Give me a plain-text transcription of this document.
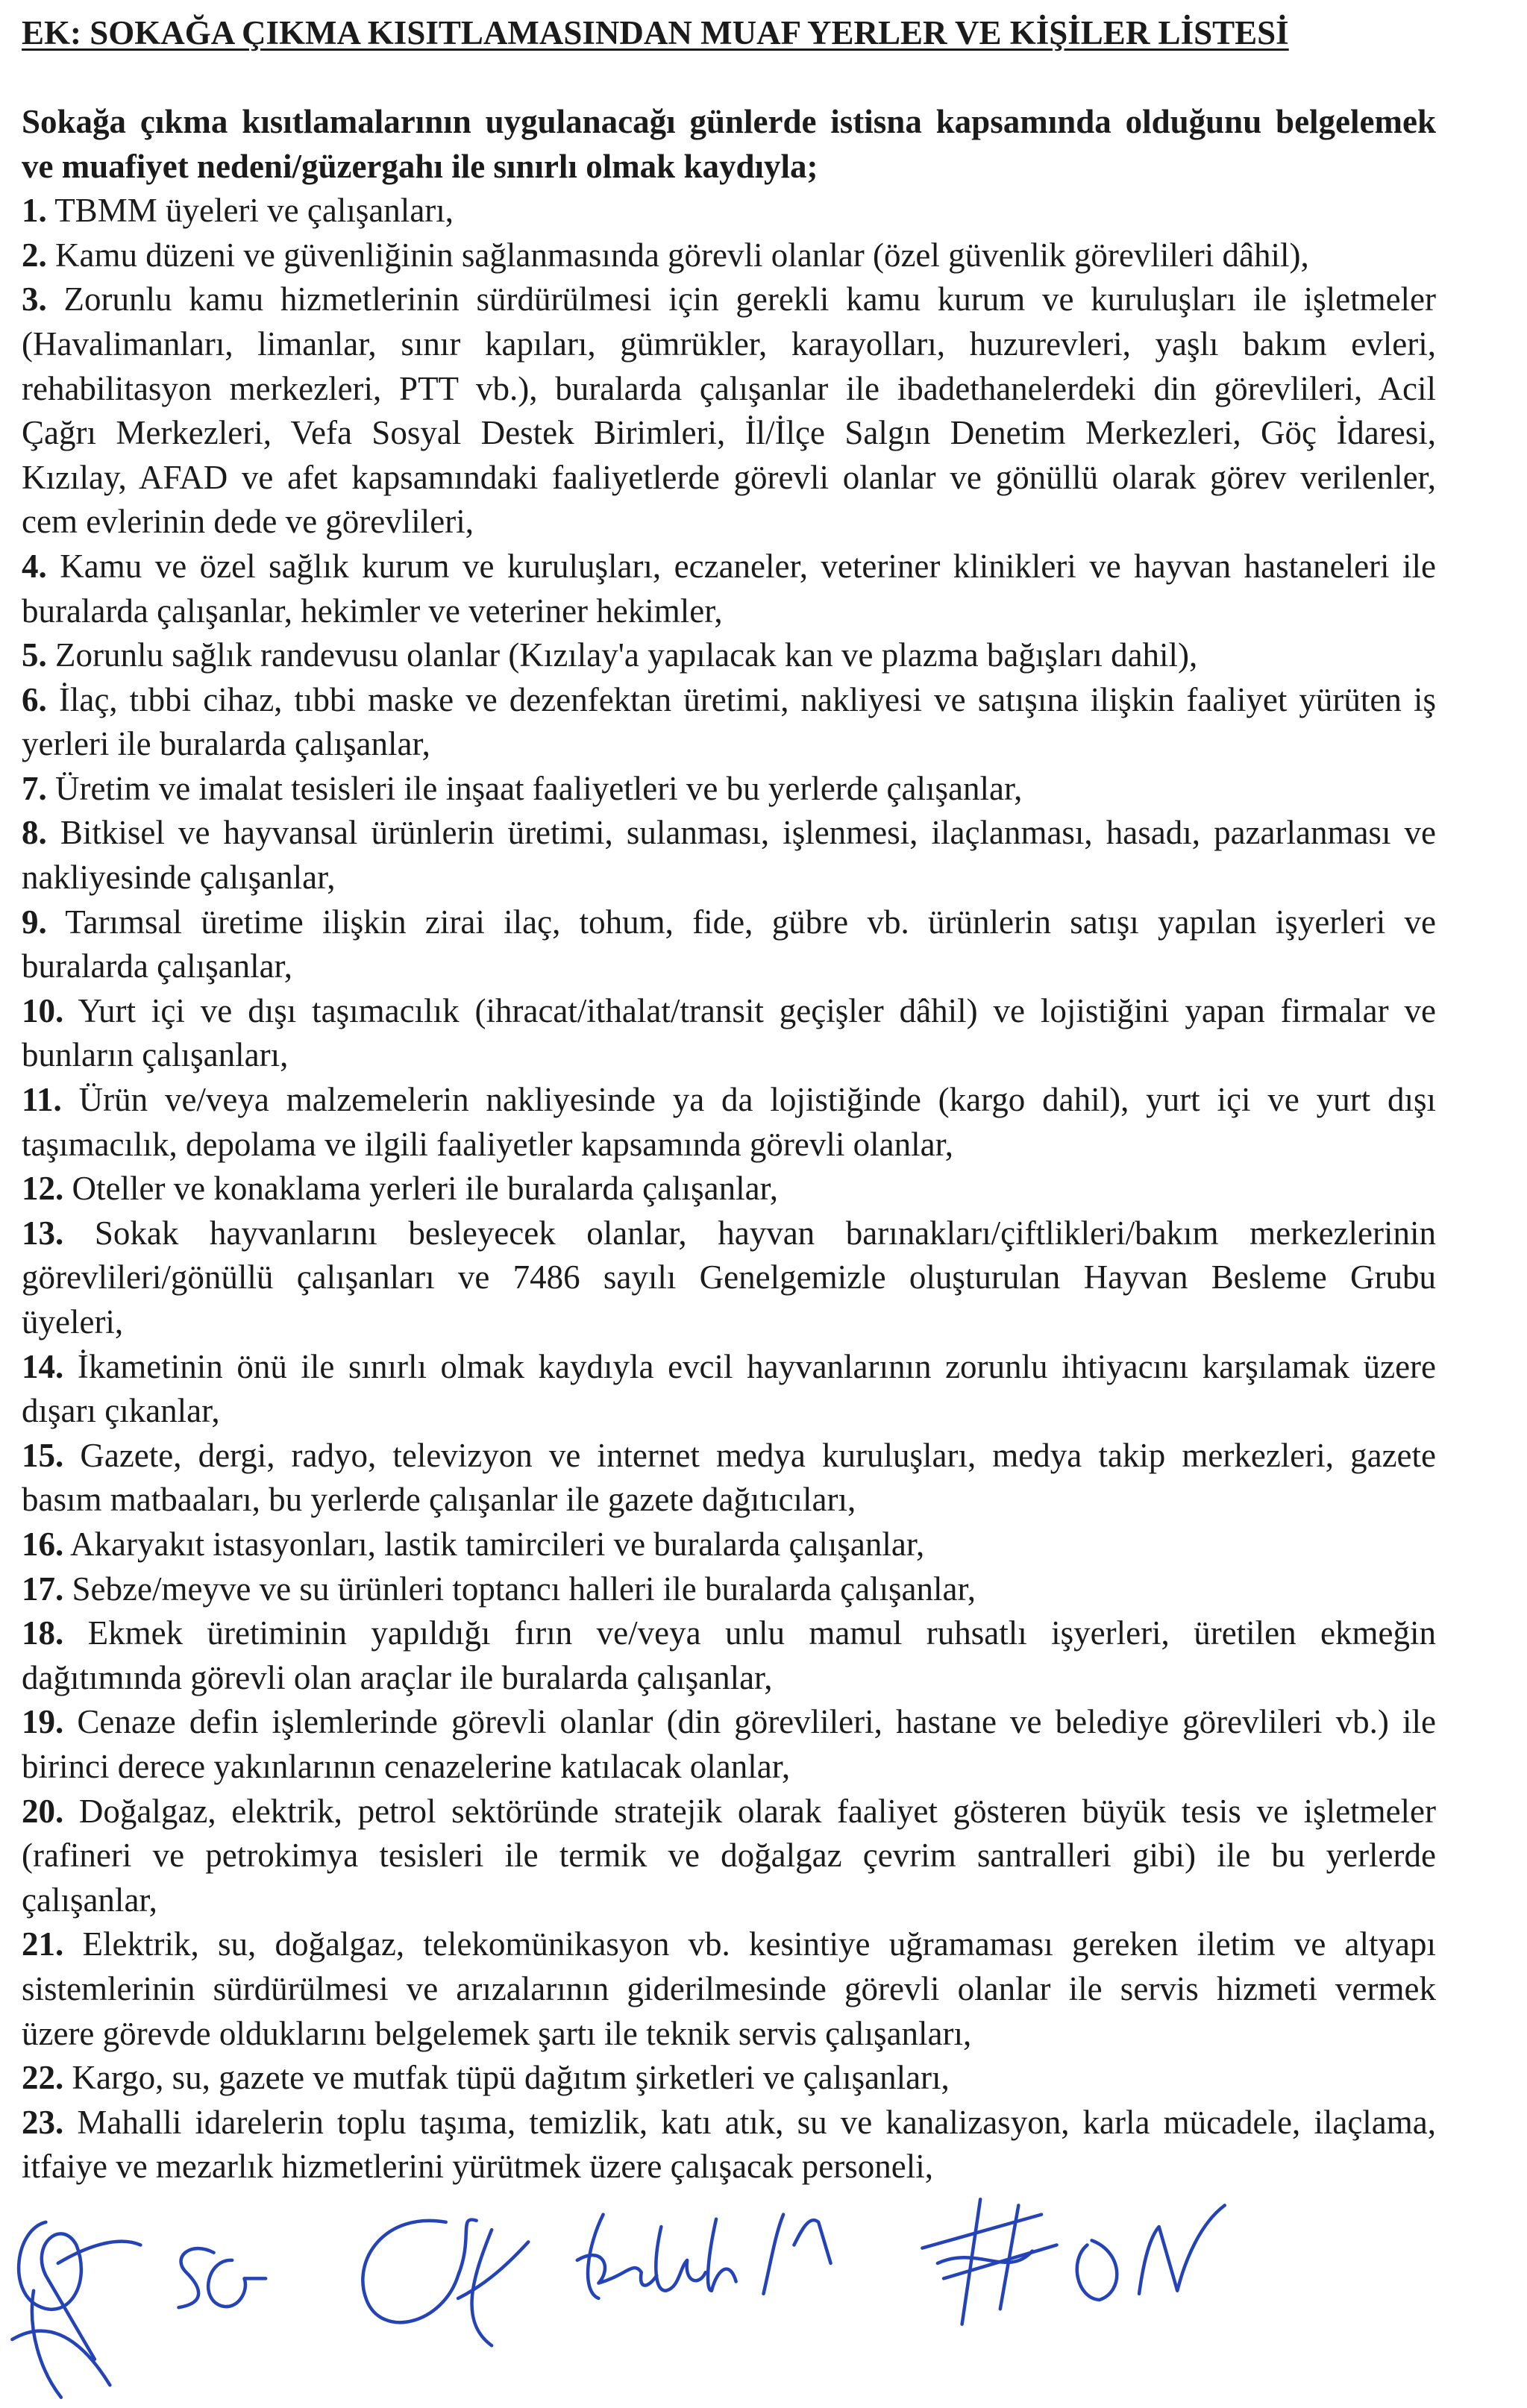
EK: SOKAĞA ÇIKMA KISITLAMASINDAN MUAF YERLER VE KİŞİLER LİSTESİ
Sokağa çıkma kısıtlamalarının uygulanacağı günlerde istisna kapsamında olduğunu belgelemek
ve muafiyet nedeni/güzergahı ile sınırlı olmak kaydıyla;
1. TBMM üyeleri ve çalışanları,
2. Kamu düzeni ve güvenliğinin sağlanmasında görevli olanlar (özel güvenlik görevlileri dâhil),
3. Zorunlu kamu hizmetlerinin sürdürülmesi için gerekli kamu kurum ve kuruluşları ile işletmeler
(Havalimanları, limanlar, sınır kapıları, gümrükler, karayolları, huzurevleri, yaşlı bakım evleri,
rehabilitasyon merkezleri, PTT vb.), buralarda çalışanlar ile ibadethanelerdeki din görevlileri, Acil
Çağrı Merkezleri, Vefa Sosyal Destek Birimleri, İl/İlçe Salgın Denetim Merkezleri, Göç İdaresi,
Kızılay, AFAD ve afet kapsamındaki faaliyetlerde görevli olanlar ve gönüllü olarak görev verilenler,
cem evlerinin dede ve görevlileri,
4. Kamu ve özel sağlık kurum ve kuruluşları, eczaneler, veteriner klinikleri ve hayvan hastaneleri ile
buralarda çalışanlar, hekimler ve veteriner hekimler,
5. Zorunlu sağlık randevusu olanlar (Kızılay'a yapılacak kan ve plazma bağışları dahil),
6. İlaç, tıbbi cihaz, tıbbi maske ve dezenfektan üretimi, nakliyesi ve satışına ilişkin faaliyet yürüten iş
yerleri ile buralarda çalışanlar,
7. Üretim ve imalat tesisleri ile inşaat faaliyetleri ve bu yerlerde çalışanlar,
8. Bitkisel ve hayvansal ürünlerin üretimi, sulanması, işlenmesi, ilaçlanması, hasadı, pazarlanması ve
nakliyesinde çalışanlar,
9. Tarımsal üretime ilişkin zirai ilaç, tohum, fide, gübre vb. ürünlerin satışı yapılan işyerleri ve
buralarda çalışanlar,
10. Yurt içi ve dışı taşımacılık (ihracat/ithalat/transit geçişler dâhil) ve lojistiğini yapan firmalar ve
bunların çalışanları,
11. Ürün ve/veya malzemelerin nakliyesinde ya da lojistiğinde (kargo dahil), yurt içi ve yurt dışı
taşımacılık, depolama ve ilgili faaliyetler kapsamında görevli olanlar,
12. Oteller ve konaklama yerleri ile buralarda çalışanlar,
13. Sokak hayvanlarını besleyecek olanlar, hayvan barınakları/çiftlikleri/bakım merkezlerinin
görevlileri/gönüllü çalışanları ve 7486 sayılı Genelgemizle oluşturulan Hayvan Besleme Grubu
üyeleri,
14. İkametinin önü ile sınırlı olmak kaydıyla evcil hayvanlarının zorunlu ihtiyacını karşılamak üzere
dışarı çıkanlar,
15. Gazete, dergi, radyo, televizyon ve internet medya kuruluşları, medya takip merkezleri, gazete
basım matbaaları, bu yerlerde çalışanlar ile gazete dağıtıcıları,
16. Akaryakıt istasyonları, lastik tamircileri ve buralarda çalışanlar,
17. Sebze/meyve ve su ürünleri toptancı halleri ile buralarda çalışanlar,
18. Ekmek üretiminin yapıldığı fırın ve/veya unlu mamul ruhsatlı işyerleri, üretilen ekmeğin
dağıtımında görevli olan araçlar ile buralarda çalışanlar,
19. Cenaze defin işlemlerinde görevli olanlar (din görevlileri, hastane ve belediye görevlileri vb.) ile
birinci derece yakınlarının cenazelerine katılacak olanlar,
20. Doğalgaz, elektrik, petrol sektöründe stratejik olarak faaliyet gösteren büyük tesis ve işletmeler
(rafineri ve petrokimya tesisleri ile termik ve doğalgaz çevrim santralleri gibi) ile bu yerlerde
çalışanlar,
21. Elektrik, su, doğalgaz, telekomünikasyon vb. kesintiye uğramaması gereken iletim ve altyapı
sistemlerinin sürdürülmesi ve arızalarının giderilmesinde görevli olanlar ile servis hizmeti vermek
üzere görevde olduklarını belgelemek şartı ile teknik servis çalışanları,
22. Kargo, su, gazete ve mutfak tüpü dağıtım şirketleri ve çalışanları,
23. Mahalli idarelerin toplu taşıma, temizlik, katı atık, su ve kanalizasyon, karla mücadele, ilaçlama,
itfaiye ve mezarlık hizmetlerini yürütmek üzere çalışacak personeli,
